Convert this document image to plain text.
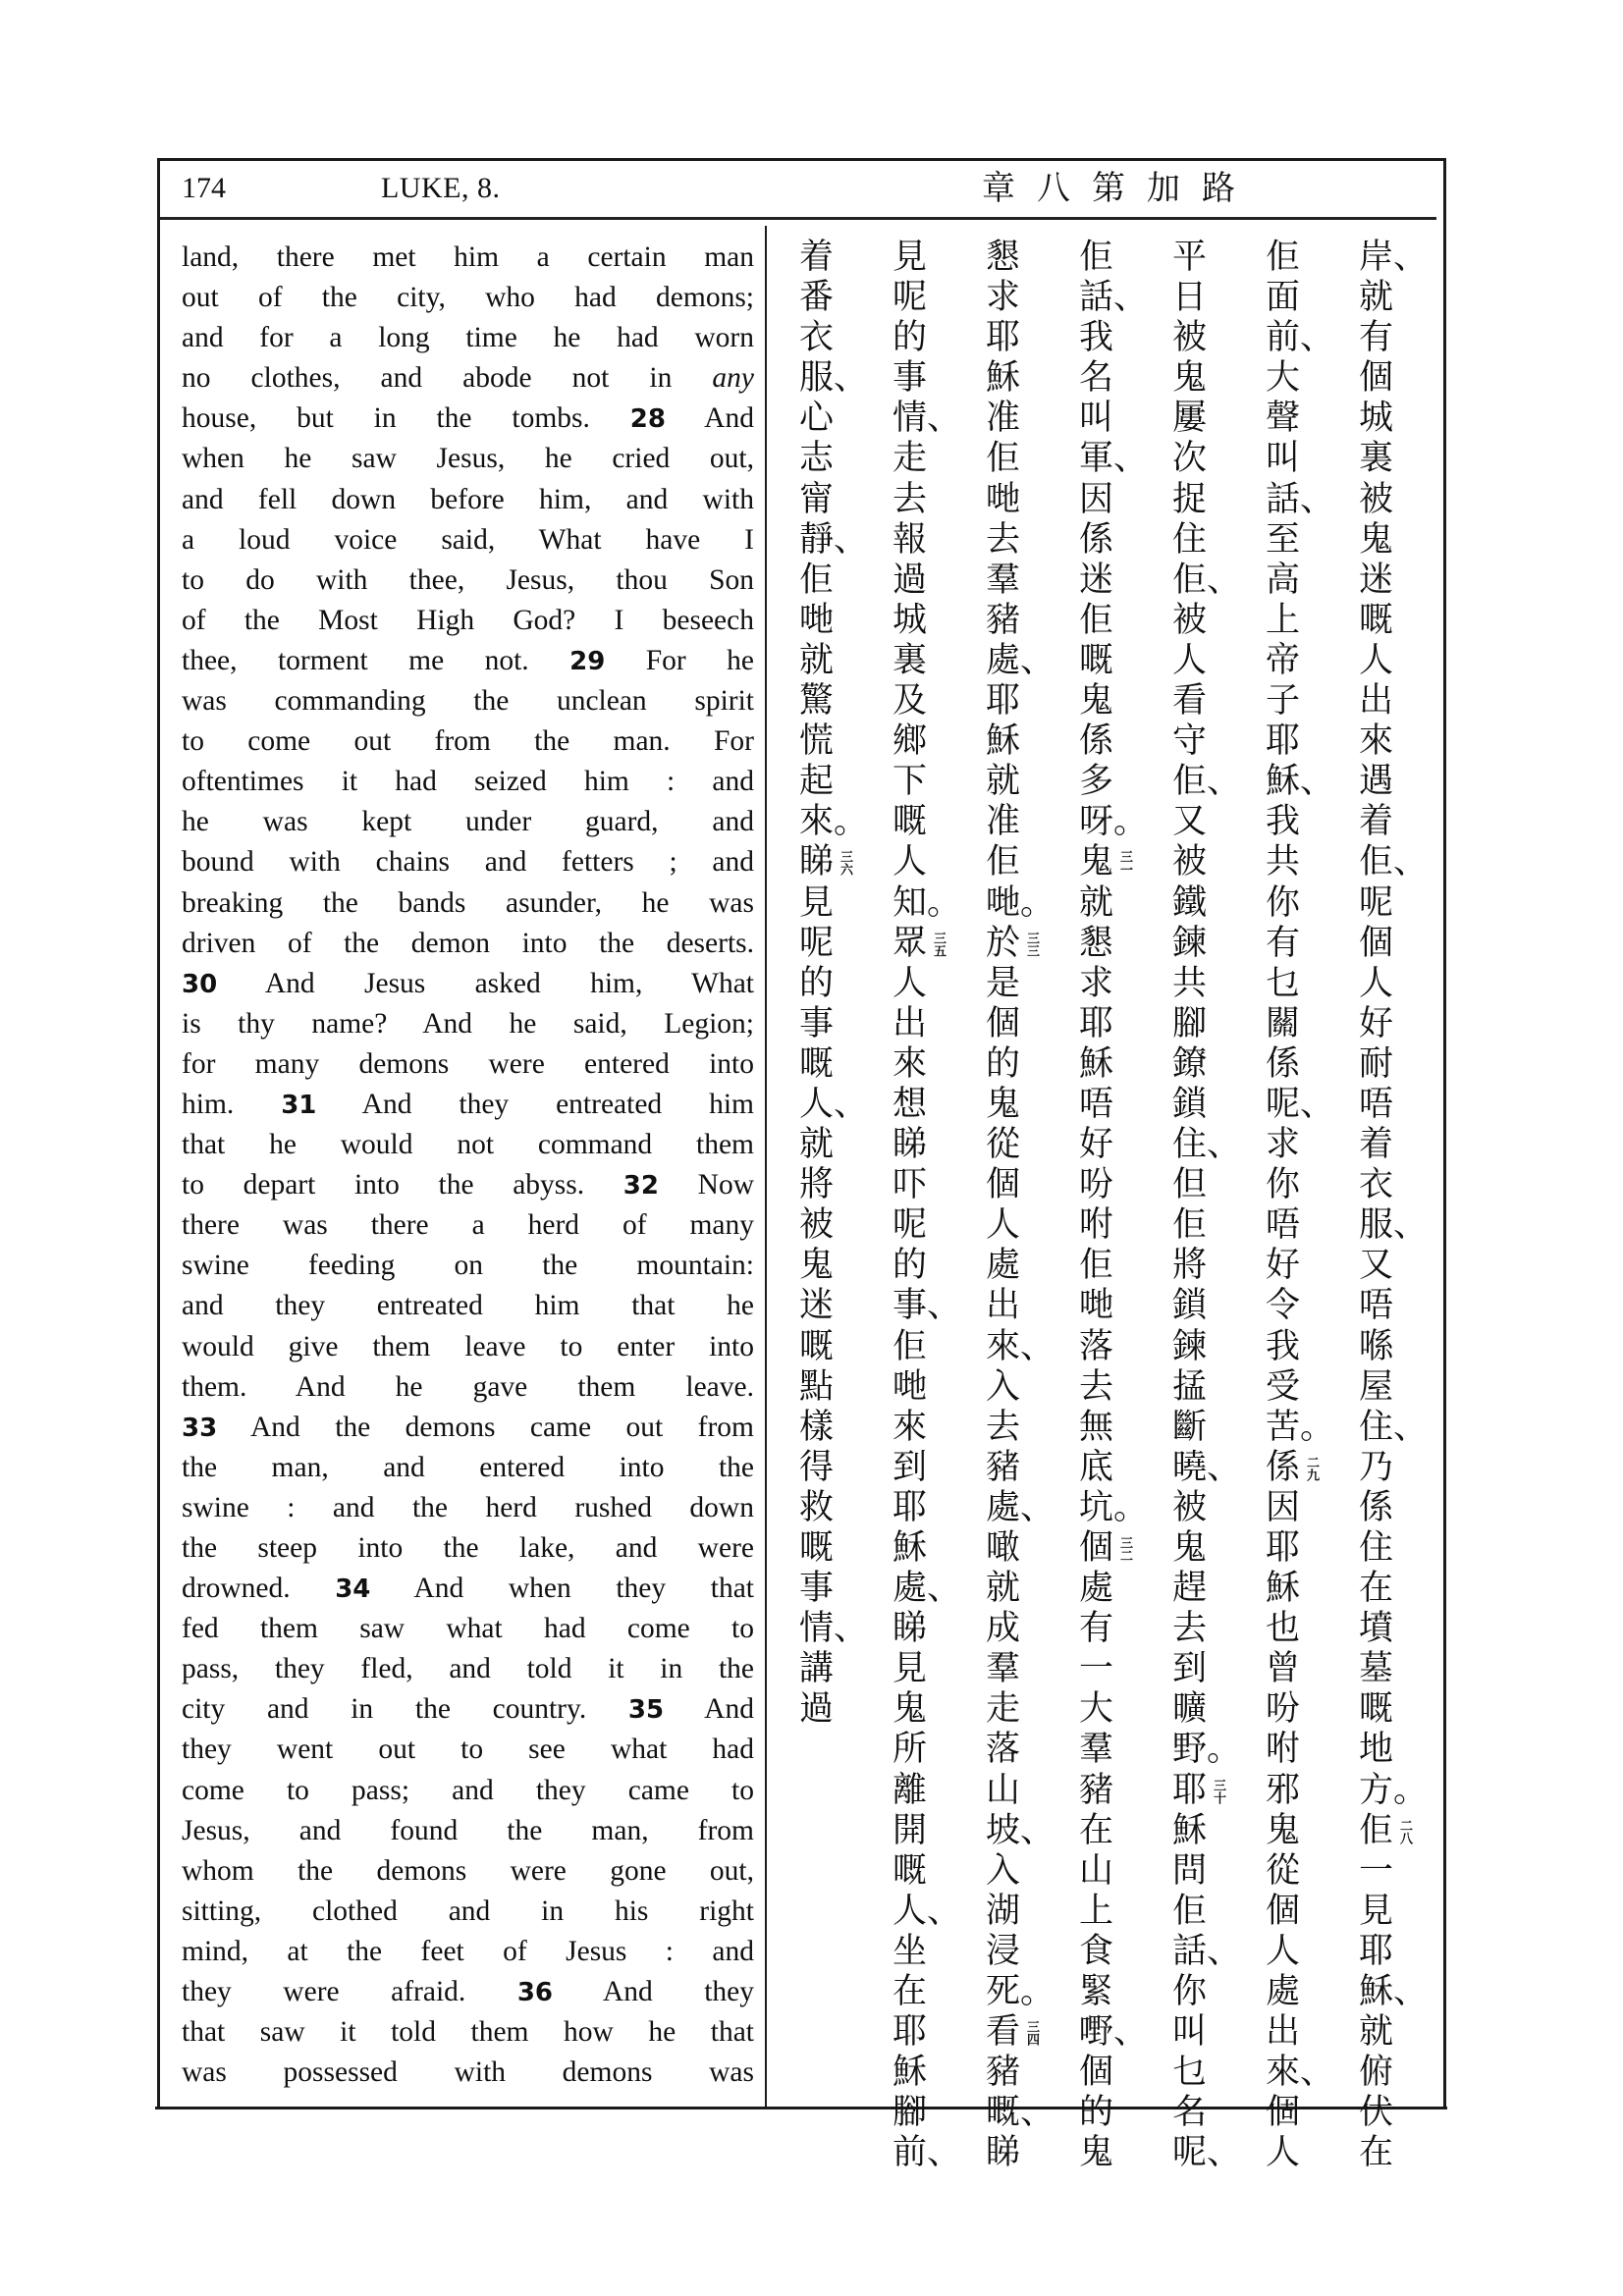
174	LUKE, 8.	章 八 第 加 路
land, there met him a certain man
out of the city, who had demons;
and for a long time he had worn
no clothes, and abode not in any
house, but in the tombs. 28 And
when he saw Jesus, he cried out,
and fell down before him, and with
a loud voice said, What have I
to do with thee, Jesus, thou Son
of the Most High God? I beseech
thee, torment me not. 29 For he
was commanding the unclean spirit
to come out from the man. For
oftentimes it had seized him : and
he was kept under guard, and
bound with chains and fetters ; and
breaking the bands asunder, he was
driven of the demon into the deserts.
30 And Jesus asked him, What
is thy name? And he said, Legion;
for many demons were entered into
him. 31 And they entreated him
that he would not command them
to depart into the abyss. 32 Now
there was there a herd of many
swine feeding on the mountain:
and they entreated him that he
would give them leave to enter into
them. And he gave them leave.
33 And the demons came out from
the man, and entered into the
swine : and the herd rushed down
the steep into the lake, and were
drowned. 34 And when they that
fed them saw what had come to
pass, they fled, and told it in the
city and in the country. 35 And
they went out to see what had
come to pass; and they came to
Jesus, and found the man, from
whom the demons were gone out,
sitting, clothed and in his right
mind, at the feet of Jesus : and
they were afraid. 36 And they
that saw it told them how he that
was possessed with demons was
岸、
就
有
個
城
裏
被
鬼
迷
嘅
人
出
來
遇
着
佢、
呢
個
人
好
耐
唔
着
衣
服、
又
唔
喺
屋
住、
乃
係
住
在
墳
墓
嘅
地
方。
佢 二八
一
見
耶
穌、
就
俯
伏
在
佢
面
前、
大
聲
叫
話、
至
高
上
帝
子
耶
穌、
我
共
你
有
乜
關
係
呢、
求
你
唔
好
令
我
受
苦。
係 二九
因
耶
穌
也
曾
吩
咐
邪
鬼
從
個
人
處
出
來、
個
人
平
日
被
鬼
屢
次
捉
住
佢、
被
人
看
守
佢、
又
被
鐵
鍊
共
腳
鐐
鎖
住、
但
佢
將
鎖
鍊
掹
斷
曉、
被
鬼
趕
去
到
曠
野。
耶 三十
穌
問
佢
話、
你
叫
乜
名
呢、
佢
話、
我
名
叫
軍、
因
係
迷
佢
嘅
鬼
係
多
呀。
鬼 三一
就
懇
求
耶
穌
唔
好
吩
咐
佢
哋
落
去
無
底
坑。
個 三二
處
有
一
大
羣
豬
在
山
上
食
緊
嘢、
個
的
鬼
懇
求
耶
穌
准
佢
哋
去
羣
豬
處、
耶
穌
就
准
佢
哋。
於 三三
是
個
的
鬼
從
個
人
處
出
來、
入
去
豬
處、
噉
就
成
羣
走
落
山
坡、
入
湖
浸
死。
看 三四
豬
嘅、
睇
見
呢
的
事
情、
走
去
報
過
城
裏
及
鄉
下
嘅
人
知。
眾 三五
人
出
來
想
睇
吓
呢
的
事、
佢
哋
來
到
耶
穌
處、
睇
見
鬼
所
離
開
嘅
人、
坐
在
耶
穌
腳
前、
着
番
衣
服、
心
志
甯
靜、
佢
哋
就
驚
慌
起
來。
睇 三六
見
呢
的
事
嘅
人、
就
將
被
鬼
迷
嘅
點
樣
得
救
嘅
事
情、
講
過
